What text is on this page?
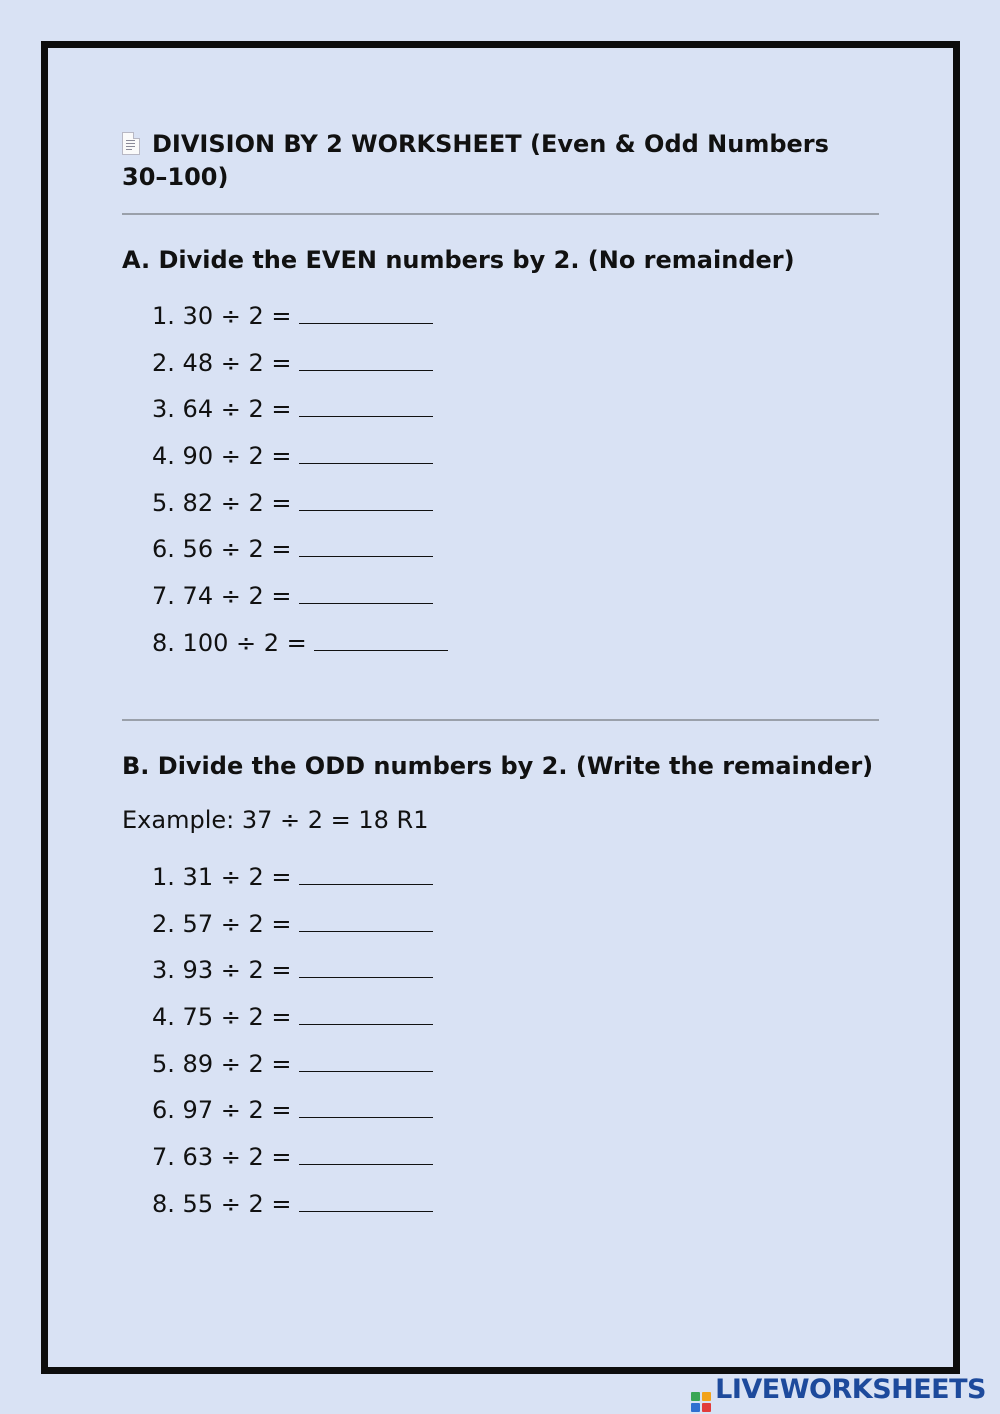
DIVISION BY 2 WORKSHEET (Even & Odd Numbers 30–100)
A. Divide the EVEN numbers by 2. (No remainder)
1. 30 ÷ 2 =
2. 48 ÷ 2 =
3. 64 ÷ 2 =
4. 90 ÷ 2 =
5. 82 ÷ 2 =
6. 56 ÷ 2 =
7. 74 ÷ 2 =
8. 100 ÷ 2 =
B. Divide the ODD numbers by 2. (Write the remainder)
Example: 37 ÷ 2 = 18 R1
1. 31 ÷ 2 =
2. 57 ÷ 2 =
3. 93 ÷ 2 =
4. 75 ÷ 2 =
5. 89 ÷ 2 =
6. 97 ÷ 2 =
7. 63 ÷ 2 =
8. 55 ÷ 2 =
LIVEWORKSHEETS
